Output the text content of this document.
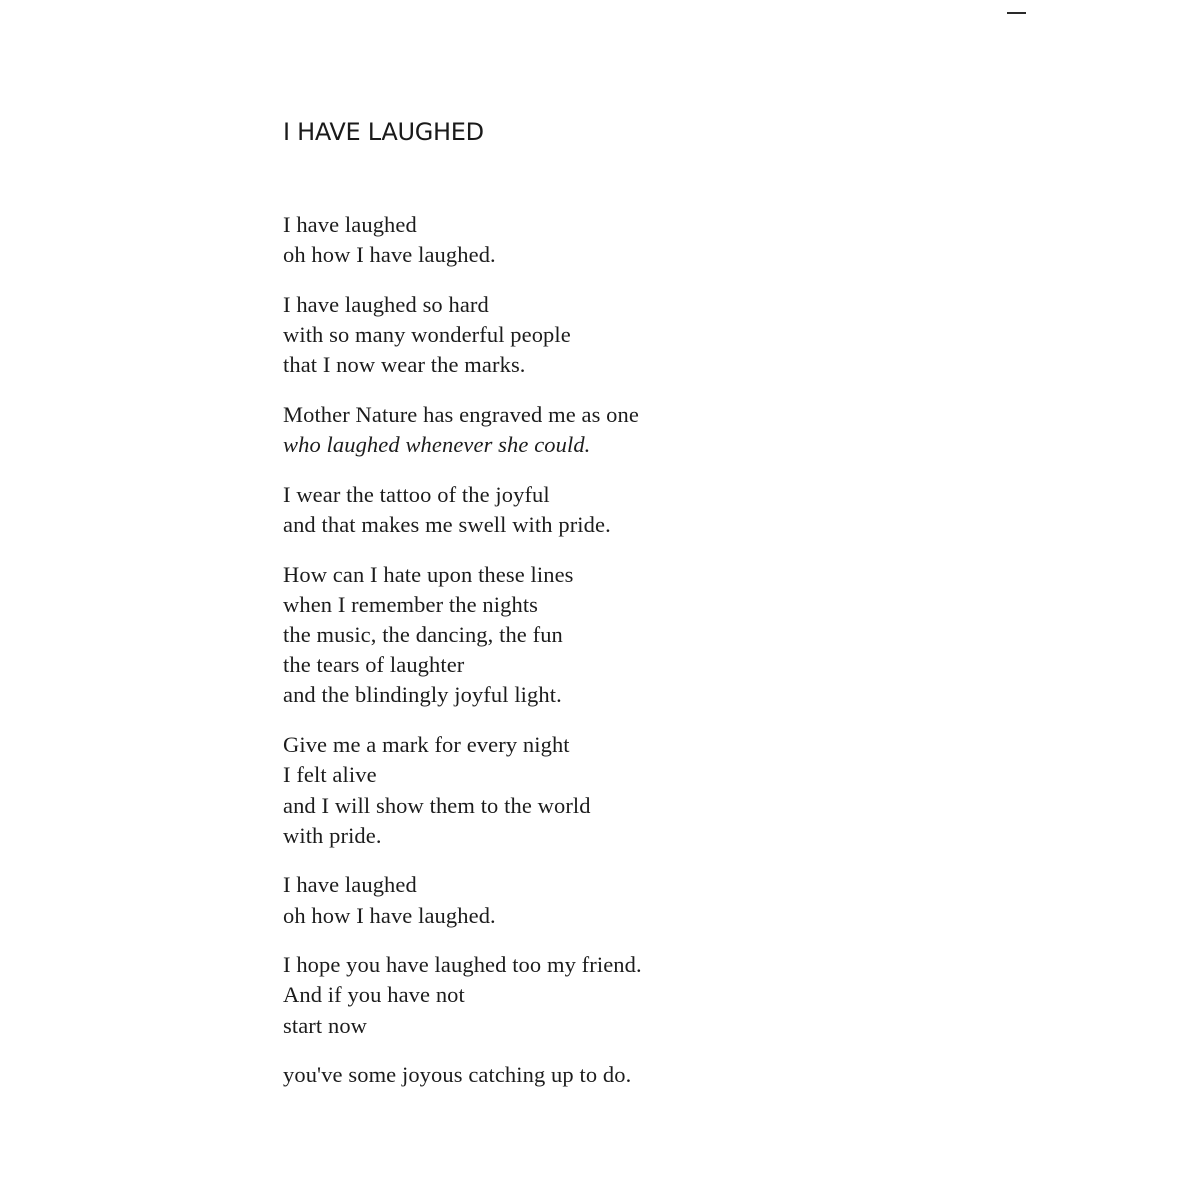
I HAVE LAUGHED
I have laughed
oh how I have laughed.
I have laughed so hard
with so many wonderful people
that I now wear the marks.
Mother Nature has engraved me as one
who laughed whenever she could.
I wear the tattoo of the joyful
and that makes me swell with pride.
How can I hate upon these lines
when I remember the nights
the music, the dancing, the fun
the tears of laughter
and the blindingly joyful light.
Give me a mark for every night
I felt alive
and I will show them to the world
with pride.
I have laughed
oh how I have laughed.
I hope you have laughed too my friend.
And if you have not
start now
you've some joyous catching up to do.
